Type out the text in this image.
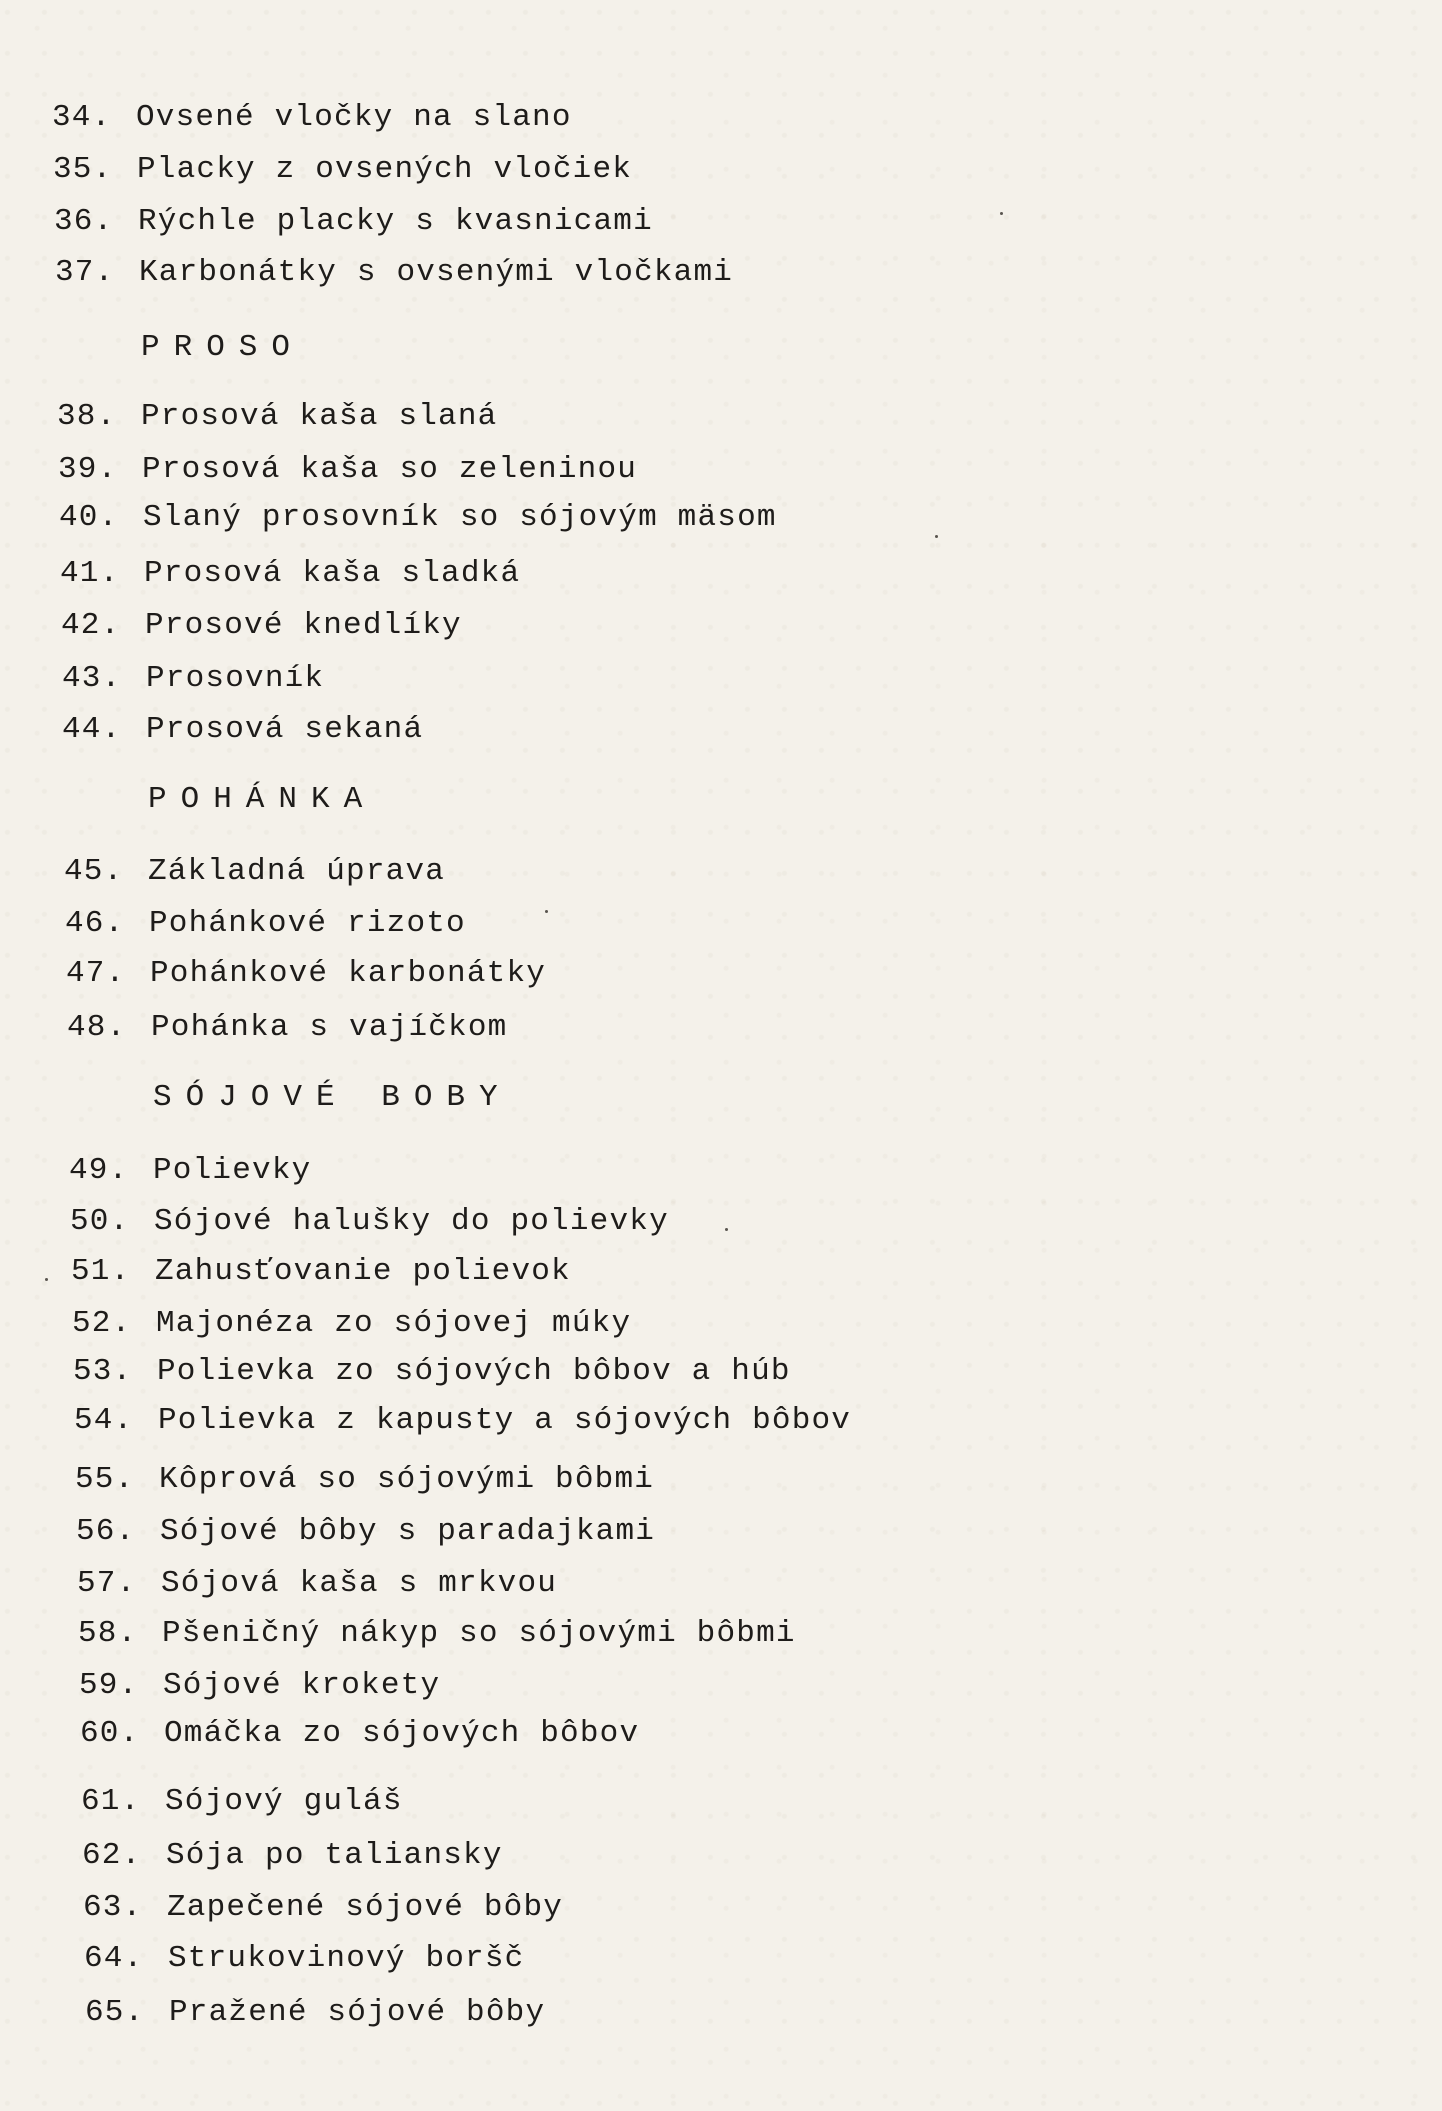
34. Ovsené vločky na slano
35. Placky z ovsených vločiek
36. Rýchle placky s kvasnicami
37. Karbonátky s ovsenými vločkami
PROSO
38. Prosová kaša slaná
39. Prosová kaša so zeleninou
40. Slaný prosovník so sójovým mäsom
41. Prosová kaša sladká
42. Prosové knedlíky
43. Prosovník
44. Prosová sekaná
POHÁNKA
45. Základná úprava
46. Pohánkové rizoto
47. Pohánkové karbonátky
48. Pohánka s vajíčkom
SÓJOVÉ BOBY
49. Polievky
50. Sójové halušky do polievky
51. Zahusťovanie polievok
52. Majonéza zo sójovej múky
53. Polievka zo sójových bôbov a húb
54. Polievka z kapusty a sójových bôbov
55. Kôprová so sójovými bôbmi
56. Sójové bôby s paradajkami
57. Sójová kaša s mrkvou
58. Pšeničný nákyp so sójovými bôbmi
59. Sójové krokety
60. Omáčka zo sójových bôbov
61. Sójový guláš
62. Sója po taliansky
63. Zapečené sójové bôby
64. Strukovinový boršč
65. Pražené sójové bôby
